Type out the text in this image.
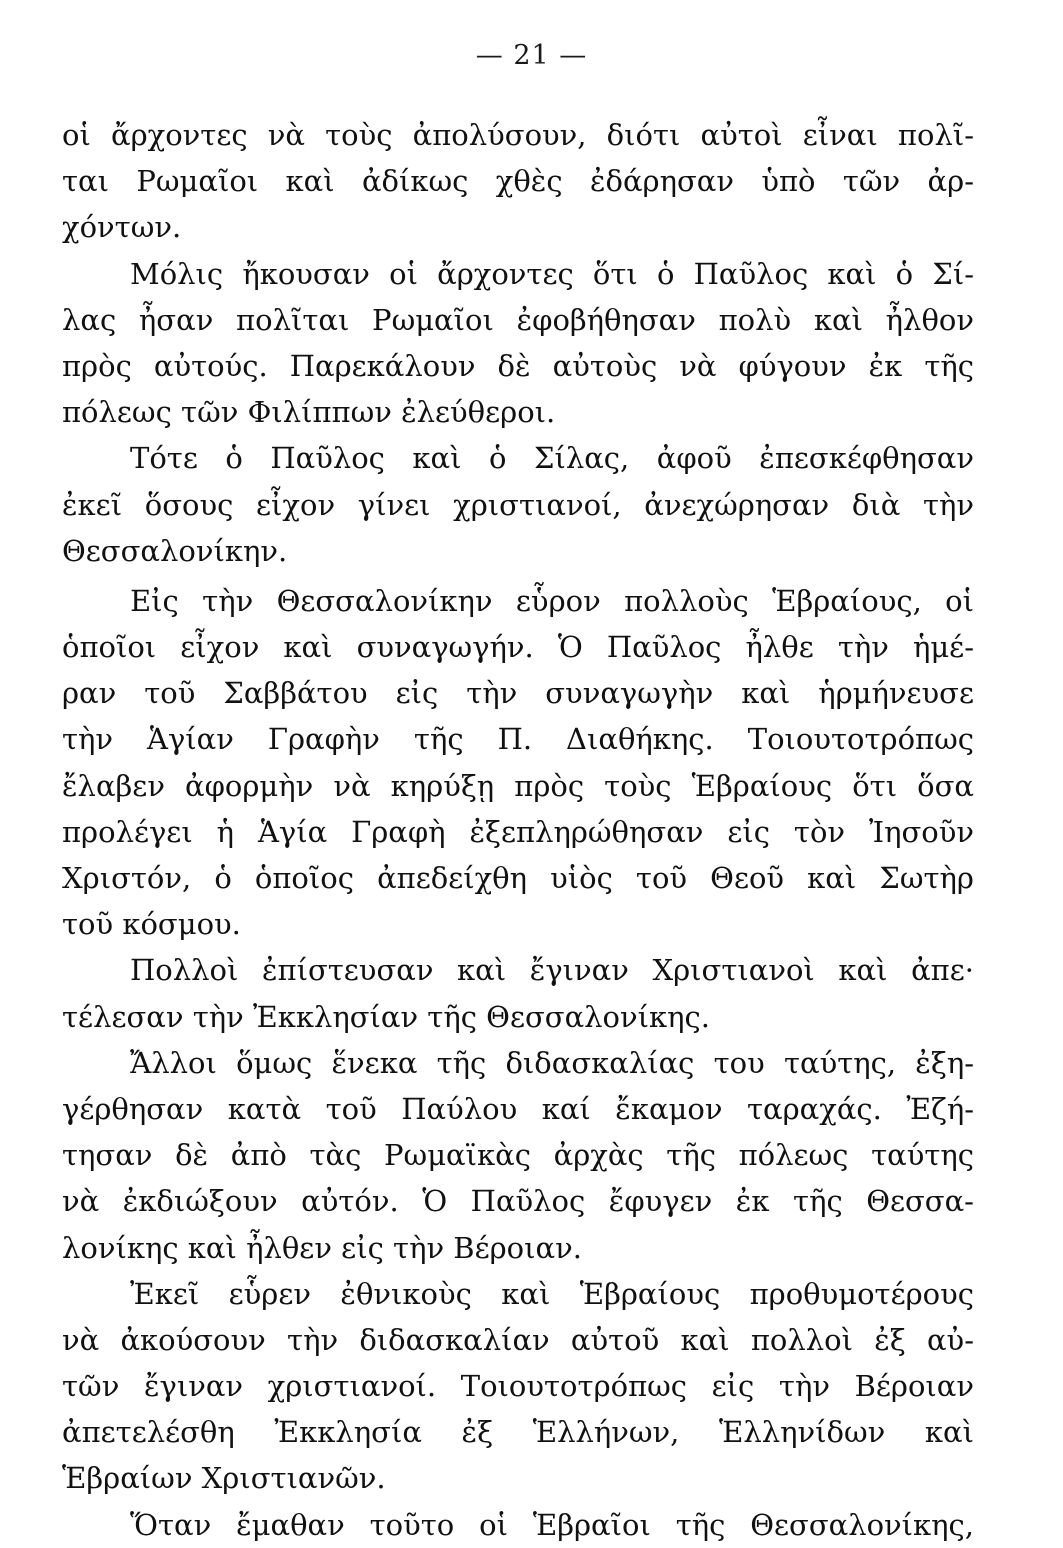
— 21 —
οἱ ἄρχοντες νὰ τοὺς ἀπολύσουν, διότι αὐτοὶ εἶναι πολῖ-
ται Ρωμαῖοι καὶ ἀδίκως χθὲς ἐδάρησαν ὑπὸ τῶν ἀρ-
χόντων.
Μόλις ἤκουσαν οἱ ἄρχοντες ὅτι ὁ Παῦλος καὶ ὁ Σί-
λας ἦσαν πολῖται Ρωμαῖοι ἐφοβήθησαν πολὺ καὶ ἦλθον
πρὸς αὐτούς. Παρεκάλουν δὲ αὐτοὺς νὰ φύγουν ἐκ τῆς
πόλεως τῶν Φιλίππων ἐλεύθεροι.
Τότε ὁ Παῦλος καὶ ὁ Σίλας, ἀφοῦ ἐπεσκέφθησαν
ἐκεῖ ὅσους εἶχον γίνει χριστιανοί, ἀνεχώρησαν διὰ τὴν
Θεσσαλονίκην.
Εἰς τὴν Θεσσαλονίκην εὗρον πολλοὺς Ἑβραίους, οἱ
ὁποῖοι εἶχον καὶ συναγωγήν. Ὁ Παῦλος ἦλθε τὴν ἡμέ-
ραν τοῦ Σαββάτου εἰς τὴν συναγωγὴν καὶ ἡρμήνευσε
τὴν Ἁγίαν Γραφὴν τῆς Π. Διαθήκης. Τοιουτοτρόπως
ἔλαβεν ἀφορμὴν νὰ κηρύξῃ πρὸς τοὺς Ἑβραίους ὅτι ὅσα
προλέγει ἡ Ἁγία Γραφὴ ἐξεπληρώθησαν εἰς τὸν Ἰησοῦν
Χριστόν, ὁ ὁποῖος ἀπεδείχθη υἱὸς τοῦ Θεοῦ καὶ Σωτὴρ
τοῦ κόσμου.
Πολλοὶ ἐπίστευσαν καὶ ἔγιναν Χριστιανοὶ καὶ ἀπε·
τέλεσαν τὴν Ἐκκλησίαν τῆς Θεσσαλονίκης.
Ἄλλοι ὅμως ἕνεκα τῆς διδασκαλίας του ταύτης, ἐξη-
γέρθησαν κατὰ τοῦ Παύλου καί ἔκαμον ταραχάς. Ἐζή-
τησαν δὲ ἀπὸ τὰς Ρωμαϊκὰς ἀρχὰς τῆς πόλεως ταύτης
νὰ ἐκδιώξουν αὐτόν. Ὁ Παῦλος ἔφυγεν ἐκ τῆς Θεσσα-
λονίκης καὶ ἦλθεν εἰς τὴν Βέροιαν.
Ἐκεῖ εὗρεν ἐθνικοὺς καὶ Ἑβραίους προθυμοτέρους
νὰ ἀκούσουν τὴν διδασκαλίαν αὐτοῦ καὶ πολλοὶ ἐξ αὐ-
τῶν ἔγιναν χριστιανοί. Τοιουτοτρόπως εἰς τὴν Βέροιαν
ἀπετελέσθη Ἐκκλησία ἐξ Ἑλλήνων, Ἑλληνίδων καὶ
Ἑβραίων Χριστιανῶν.
Ὅταν ἔμαθαν τοῦτο οἱ Ἑβραῖοι τῆς Θεσσαλονίκης,
